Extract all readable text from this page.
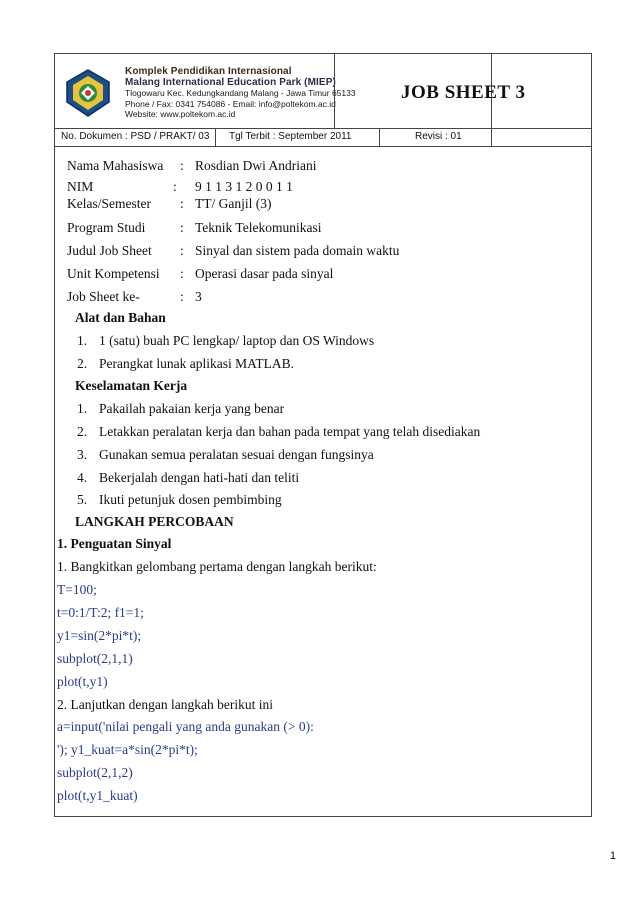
Komplek Pendidikan Internasional
Malang International Education Park (MIEP)
Tlogowaru Kec. Kedungkandang Malang - Jawa Timur 65133
Phone / Fax: 0341 754086 - Email: info@poltekom.ac.id
Website: www.poltekom.ac.id
JOB SHEET 3
No. Dokumen : PSD / PRAKT/ 03 Tgl Terbit : September 2011	Revisi : 01
Nama Mahasiswa : Rosdian Dwi Andriani
NIM	: 9 1 1 3 1 2 0 0 1 1
Kelas/Semester : TT/ Ganjil (3)
Program Studi	: Teknik Telekomunikasi
Judul Job Sheet : Sinyal dan sistem pada domain waktu
Unit Kompetensi : Operasi dasar pada sinyal
Job Sheet ke-	: 3
Alat dan Bahan
1. 1 (satu) buah PC lengkap/ laptop dan OS Windows
2. Perangkat lunak aplikasi MATLAB.
Keselamatan Kerja
1. Pakailah pakaian kerja yang benar
2. Letakkan peralatan kerja dan bahan pada tempat yang telah disediakan
3. Gunakan semua peralatan sesuai dengan fungsinya
4. Bekerjalah dengan hati-hati dan teliti
5. Ikuti petunjuk dosen pembimbing
LANGKAH PERCOBAAN
1. Penguatan Sinyal
1. Bangkitkan gelombang pertama dengan langkah berikut:
T=100;
t=0:1/T:2; f1=1;
y1=sin(2*pi*t);
subplot(2,1,1)
plot(t,y1)
2. Lanjutkan dengan langkah berikut ini
a=input('nilai pengali yang anda gunakan (> 0):
'); y1_kuat=a*sin(2*pi*t);
subplot(2,1,2)
plot(t,y1_kuat)
1
